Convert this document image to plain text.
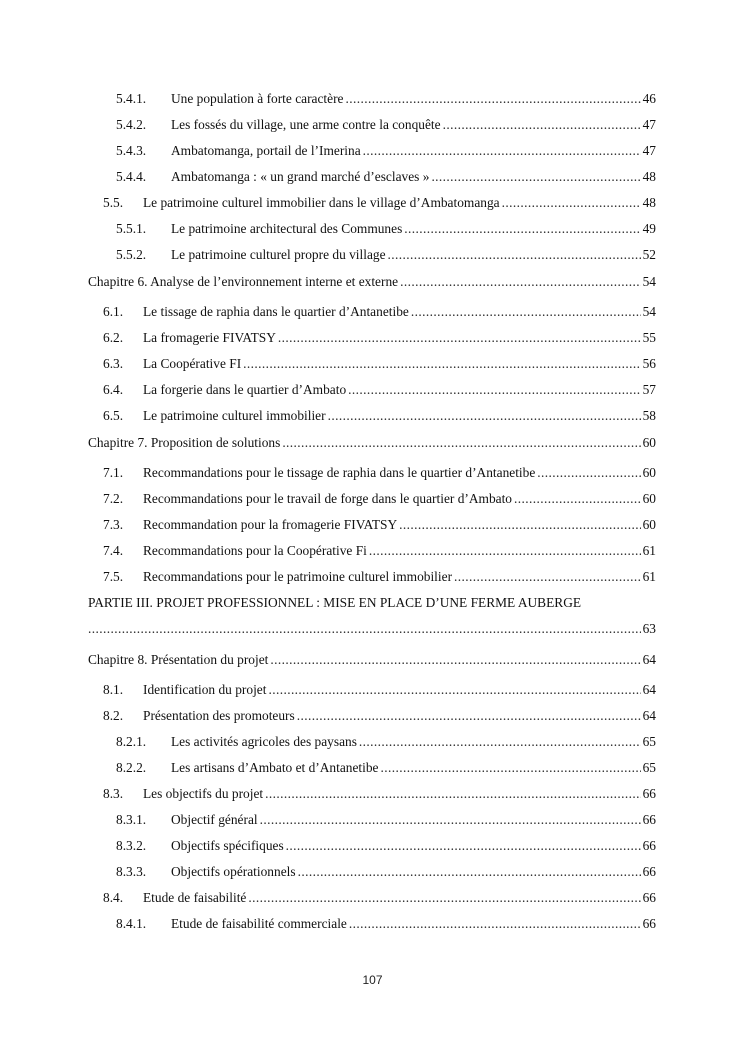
5.4.1.	Une population à forte caractère .....	46
5.4.2.	Les fossés du village, une arme contre la conquête .....	47
5.4.3.	Ambatomanga, portail de l’Imerina .....	47
5.4.4.	Ambatomanga : « un grand marché d’esclaves » .....	48
5.5.	Le patrimoine culturel immobilier dans le village d’Ambatomanga .....	48
5.5.1.	Le patrimoine architectural des Communes .....	49
5.5.2.	Le patrimoine culturel propre du village .....	52
Chapitre 6. Analyse de l’environnement interne et externe .....	54
6.1.	Le tissage de raphia dans le quartier d’Antanetibe .....	54
6.2.	La fromagerie FIVATSY .....	55
6.3.	La Coopérative FI .....	56
6.4.	La forgerie dans le quartier d’Ambato .....	57
6.5.	Le patrimoine culturel immobilier .....	58
Chapitre 7. Proposition de solutions .....	60
7.1.	Recommandations pour le tissage de raphia dans le quartier d’Antanetibe .....	60
7.2.	Recommandations pour le travail de forge dans le quartier d’Ambato .....	60
7.3.	Recommandation pour la fromagerie FIVATSY .....	60
7.4.	Recommandations pour la Coopérative Fi .....	61
7.5.	Recommandations pour le patrimoine culturel immobilier .....	61
PARTIE III. PROJET PROFESSIONNEL : MISE EN PLACE D’UNE FERME AUBERGE
.....
63
Chapitre 8. Présentation du projet .....	64
8.1.	Identification du projet .....	64
8.2.	Présentation des promoteurs .....	64
8.2.1.	Les activités agricoles des paysans .....	65
8.2.2.	Les artisans d’Ambato et d’Antanetibe .....	65
8.3.	Les objectifs du projet .....	66
8.3.1.	Objectif général .....	66
8.3.2.	Objectifs spécifiques .....	66
8.3.3.	Objectifs opérationnels .....	66
8.4.	Etude de faisabilité .....	66
8.4.1.	Etude de faisabilité commerciale .....	66
107
